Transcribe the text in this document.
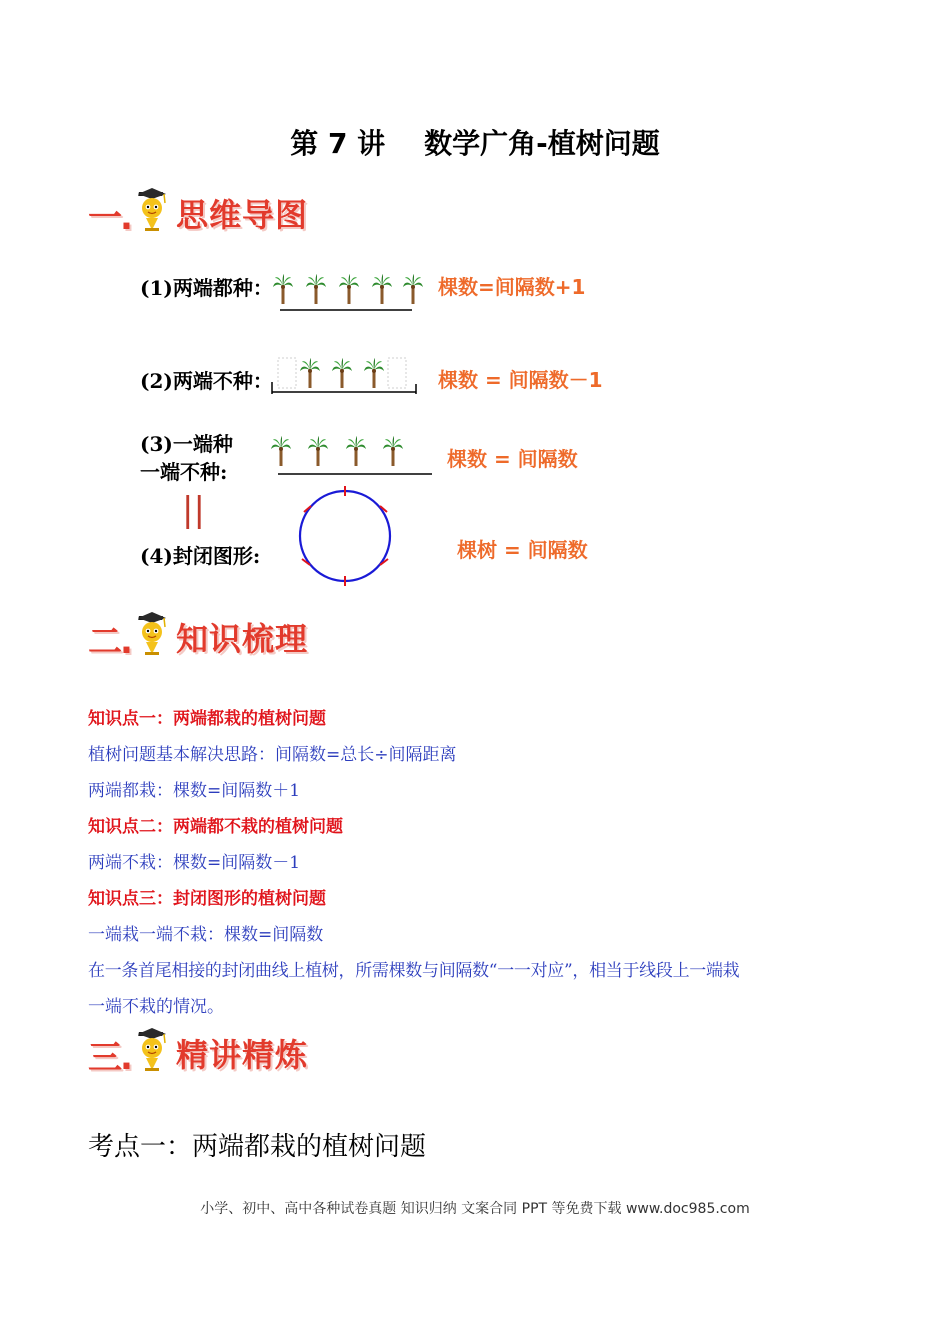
第 7 讲    数学广角-植树问题
一. 思维导图
(1)两端都种：	棵数=间隔数+1
(2)两端不种：	棵数 = 间隔数－1
(3)一端种
一端不种:
棵数 = 间隔数
||
(4)封闭图形:	棵树 = 间隔数
二. 知识梳理
知识点一：两端都栽的植树问题
植树问题基本解决思路：间隔数=总长÷间隔距离
两端都栽：棵数=间隔数＋1
知识点二：两端都不栽的植树问题
两端不栽：棵数=间隔数－1
知识点三：封闭图形的植树问题
一端栽一端不栽：棵数=间隔数
在一条首尾相接的封闭曲线上植树，所需棵数与间隔数“一一对应”，相当于线段上一端栽
一端不栽的情况。
三. 精讲精炼
考点一：两端都栽的植树问题
小学、初中、高中各种试卷真题 知识归纳 文案合同 PPT 等免费下载 www.doc985.com
